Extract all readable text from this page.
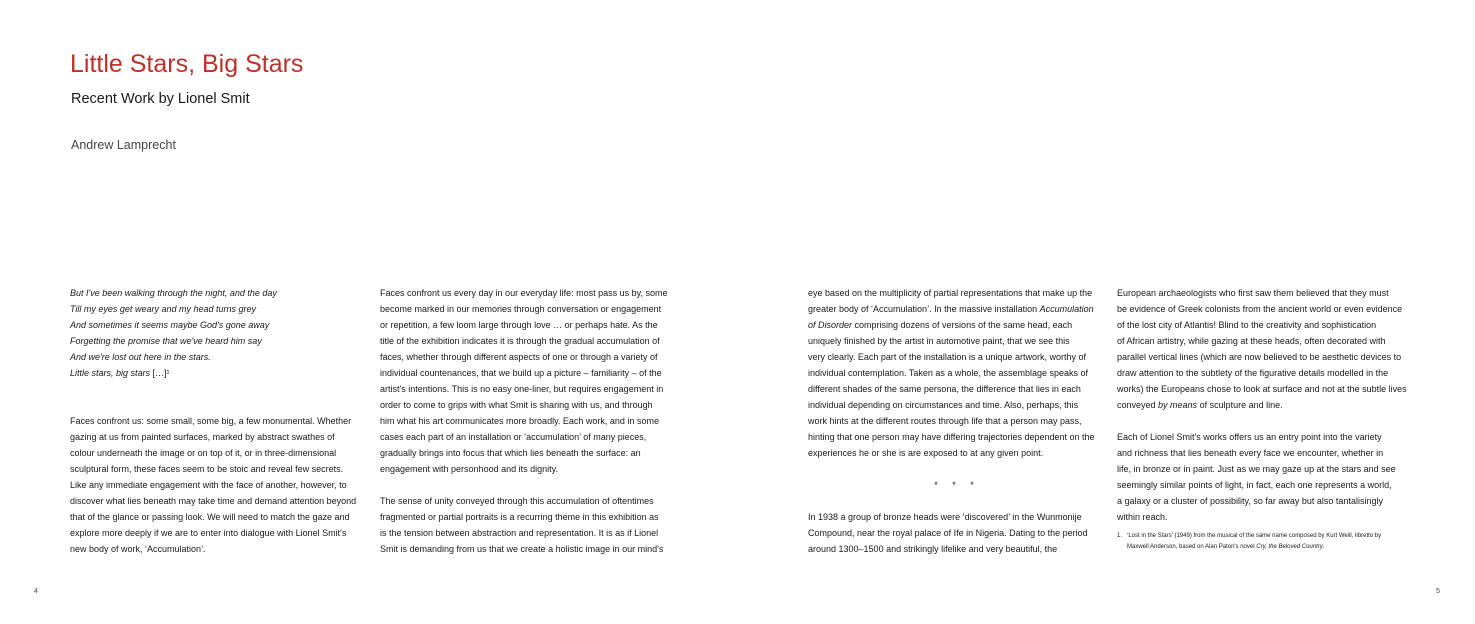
Little Stars, Big Stars
Recent Work by Lionel Smit

Andrew Lamprecht

But I've been walking through the night, and the day
Till my eyes get weary and my head turns grey
And sometimes it seems maybe God's gone away
Forgetting the promise that we've heard him say
And we're lost out here in the stars.
Little stars, big stars […]¹

Faces confront us: some small, some big, a few monumental. Whether
gazing at us from painted surfaces, marked by abstract swathes of
colour underneath the image or on top of it, or in three-dimensional
sculptural form, these faces seem to be stoic and reveal few secrets.
Like any immediate engagement with the face of another, however, to
discover what lies beneath may take time and demand attention beyond
that of the glance or passing look. We will need to match the gaze and
explore more deeply if we are to enter into dialogue with Lionel Smit's
new body of work, ‘Accumulation’.

Faces confront us every day in our everyday life: most pass us by, some
become marked in our memories through conversation or engagement
or repetition, a few loom large through love … or perhaps hate. As the
title of the exhibition indicates it is through the gradual accumulation of
faces, whether through different aspects of one or through a variety of
individual countenances, that we build up a picture – familiarity – of the
artist's intentions. This is no easy one-liner, but requires engagement in
order to come to grips with what Smit is sharing with us, and through
him what his art communicates more broadly. Each work, and in some
cases each part of an installation or ‘accumulation’ of many pieces,
gradually brings into focus that which lies beneath the surface: an
engagement with personhood and its dignity.

The sense of unity conveyed through this accumulation of oftentimes
fragmented or partial portraits is a recurring theme in this exhibition as
is the tension between abstraction and representation. It is as if Lionel
Smit is demanding from us that we create a holistic image in our mind's

eye based on the multiplicity of partial representations that make up the
greater body of ‘Accumulation’. In the massive installation Accumulation
of Disorder comprising dozens of versions of the same head, each
uniquely finished by the artist in automotive paint, that we see this
very clearly. Each part of the installation is a unique artwork, worthy of
individual contemplation. Taken as a whole, the assemblage speaks of
different shades of the same persona, the difference that lies in each
individual depending on circumstances and time. Also, perhaps, this
work hints at the different routes through life that a person may pass,
hinting that one person may have differing trajectories dependent on the
experiences he or she is are exposed to at any given point.

* * *

In 1938 a group of bronze heads were ‘discovered’ in the Wunmonije
Compound, near the royal palace of Ife in Nigeria. Dating to the period
around 1300–1500 and strikingly lifelike and very beautiful, the

European archaeologists who first saw them believed that they must
be evidence of Greek colonists from the ancient world or even evidence
of the lost city of Atlantis! Blind to the creativity and sophistication
of African artistry, while gazing at these heads, often decorated with
parallel vertical lines (which are now believed to be aesthetic devices to
draw attention to the subtlety of the figurative details modelled in the
works) the Europeans chose to look at surface and not at the subtle lives
conveyed by means of sculpture and line.

Each of Lionel Smit's works offers us an entry point into the variety
and richness that lies beneath every face we encounter, whether in
life, in bronze or in paint. Just as we may gaze up at the stars and see
seemingly similar points of light, in fact, each one represents a world,
a galaxy or a cluster of possibility, so far away but also tantalisingly
within reach.

1. ‘Lost in the Stars’ (1949) from the musical of the same name composed by Kurt Weill, libretto by
Maxwell Anderson, based on Alan Paton's novel Cry, the Beloved Country.
4	5
